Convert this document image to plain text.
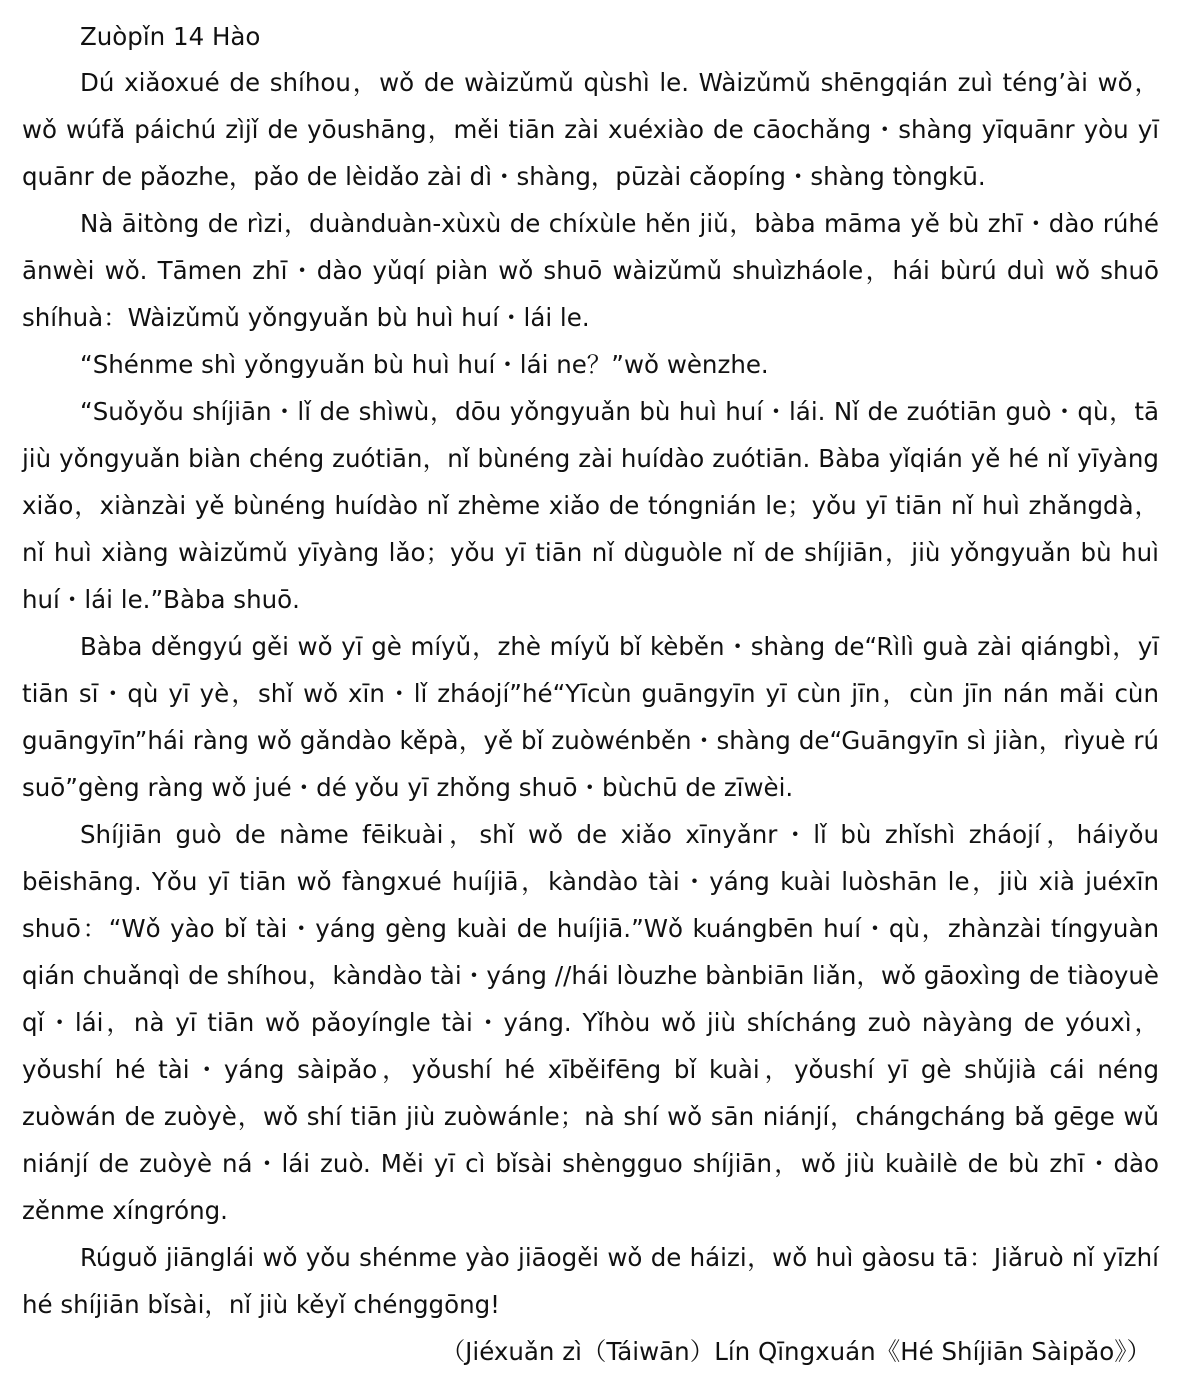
Zuòpǐn 14 Hào

Dú xiǎoxué de shíhou，wǒ de wàizǔmǔ qùshì le. Wàizǔmǔ shēngqián zuì téng’ài wǒ，wǒ wúfǎ páichú zìjǐ de yōushāng，měi tiān zài xuéxiào de cāochǎng・shàng yīquānr yòu yī quānr de pǎozhe，pǎo de lèidǎo zài dì・shàng，pūzài cǎopíng・shàng tòngkū.

Nà āitòng de rìzi，duànduàn-xùxù de chíxùle hěn jiǔ，bàba māma yě bù zhī・dào rúhé ānwèi wǒ. Tāmen zhī・dào yǔqí piàn wǒ shuō wàizǔmǔ shuìzháole，hái bùrú duì wǒ shuō shíhuà：Wàizǔmǔ yǒngyuǎn bù huì huí・lái le.

“Shénme shì yǒngyuǎn bù huì huí・lái ne？”wǒ wènzhe.

“Suǒyǒu shíjiān・lǐ de shìwù，dōu yǒngyuǎn bù huì huí・lái. Nǐ de zuótiān guò・qù，tā jiù yǒngyuǎn biàn chéng zuótiān，nǐ bùnéng zài huídào zuótiān. Bàba yǐqián yě hé nǐ yīyàng xiǎo，xiànzài yě bùnéng huídào nǐ zhème xiǎo de tóngnián le；yǒu yī tiān nǐ huì zhǎngdà，nǐ huì xiàng wàizǔmǔ yīyàng lǎo；yǒu yī tiān nǐ dùguòle nǐ de shíjiān，jiù yǒngyuǎn bù huì huí・lái le.”Bàba shuō.

Bàba děngyú gěi wǒ yī gè míyǔ，zhè míyǔ bǐ kèběn・shàng de“Rìlì guà zài qiángbì，yī tiān sī・qù yī yè，shǐ wǒ xīn・lǐ zháojí”hé“Yīcùn guāngyīn yī cùn jīn，cùn jīn nán mǎi cùn guāngyīn”hái ràng wǒ gǎndào kěpà，yě bǐ zuòwénběn・shàng de“Guāngyīn sì jiàn，rìyuè rú suō”gèng ràng wǒ jué・dé yǒu yī zhǒng shuō・bùchū de zīwèi.

Shíjiān guò de nàme fēikuài，shǐ wǒ de xiǎo xīnyǎnr・lǐ bù zhǐshì zháojí，háiyǒu bēishāng. Yǒu yī tiān wǒ fàngxué huíjiā，kàndào tài・yáng kuài luòshān le，jiù xià juéxīn shuō：“Wǒ yào bǐ tài・yáng gèng kuài de huíjiā.”Wǒ kuángbēn huí・qù，zhànzài tíngyuàn qián chuǎnqì de shíhou，kàndào tài・yáng //hái lòuzhe bànbiān liǎn，wǒ gāoxìng de tiàoyuè qǐ・lái，nà yī tiān wǒ pǎoyíngle tài・yáng. Yǐhòu wǒ jiù shícháng zuò nàyàng de yóuxì，yǒushí hé tài・yáng sàipǎo，yǒushí hé xīběifēng bǐ kuài，yǒushí yī gè shǔjià cái néng zuòwán de zuòyè，wǒ shí tiān jiù zuòwánle；nà shí wǒ sān niánjí，chángcháng bǎ gēge wǔ niánjí de zuòyè ná・lái zuò. Měi yī cì bǐsài shèngguo shíjiān，wǒ jiù kuàilè de bù zhī・dào zěnme xíngróng.

Rúguǒ jiānglái wǒ yǒu shénme yào jiāogěi wǒ de háizi，wǒ huì gàosu tā：Jiǎruò nǐ yīzhí hé shíjiān bǐsài，nǐ jiù kěyǐ chénggōng!

（Jiéxuǎn zì（Táiwān）Lín Qīngxuán《Hé Shíjiān Sàipǎo》）
